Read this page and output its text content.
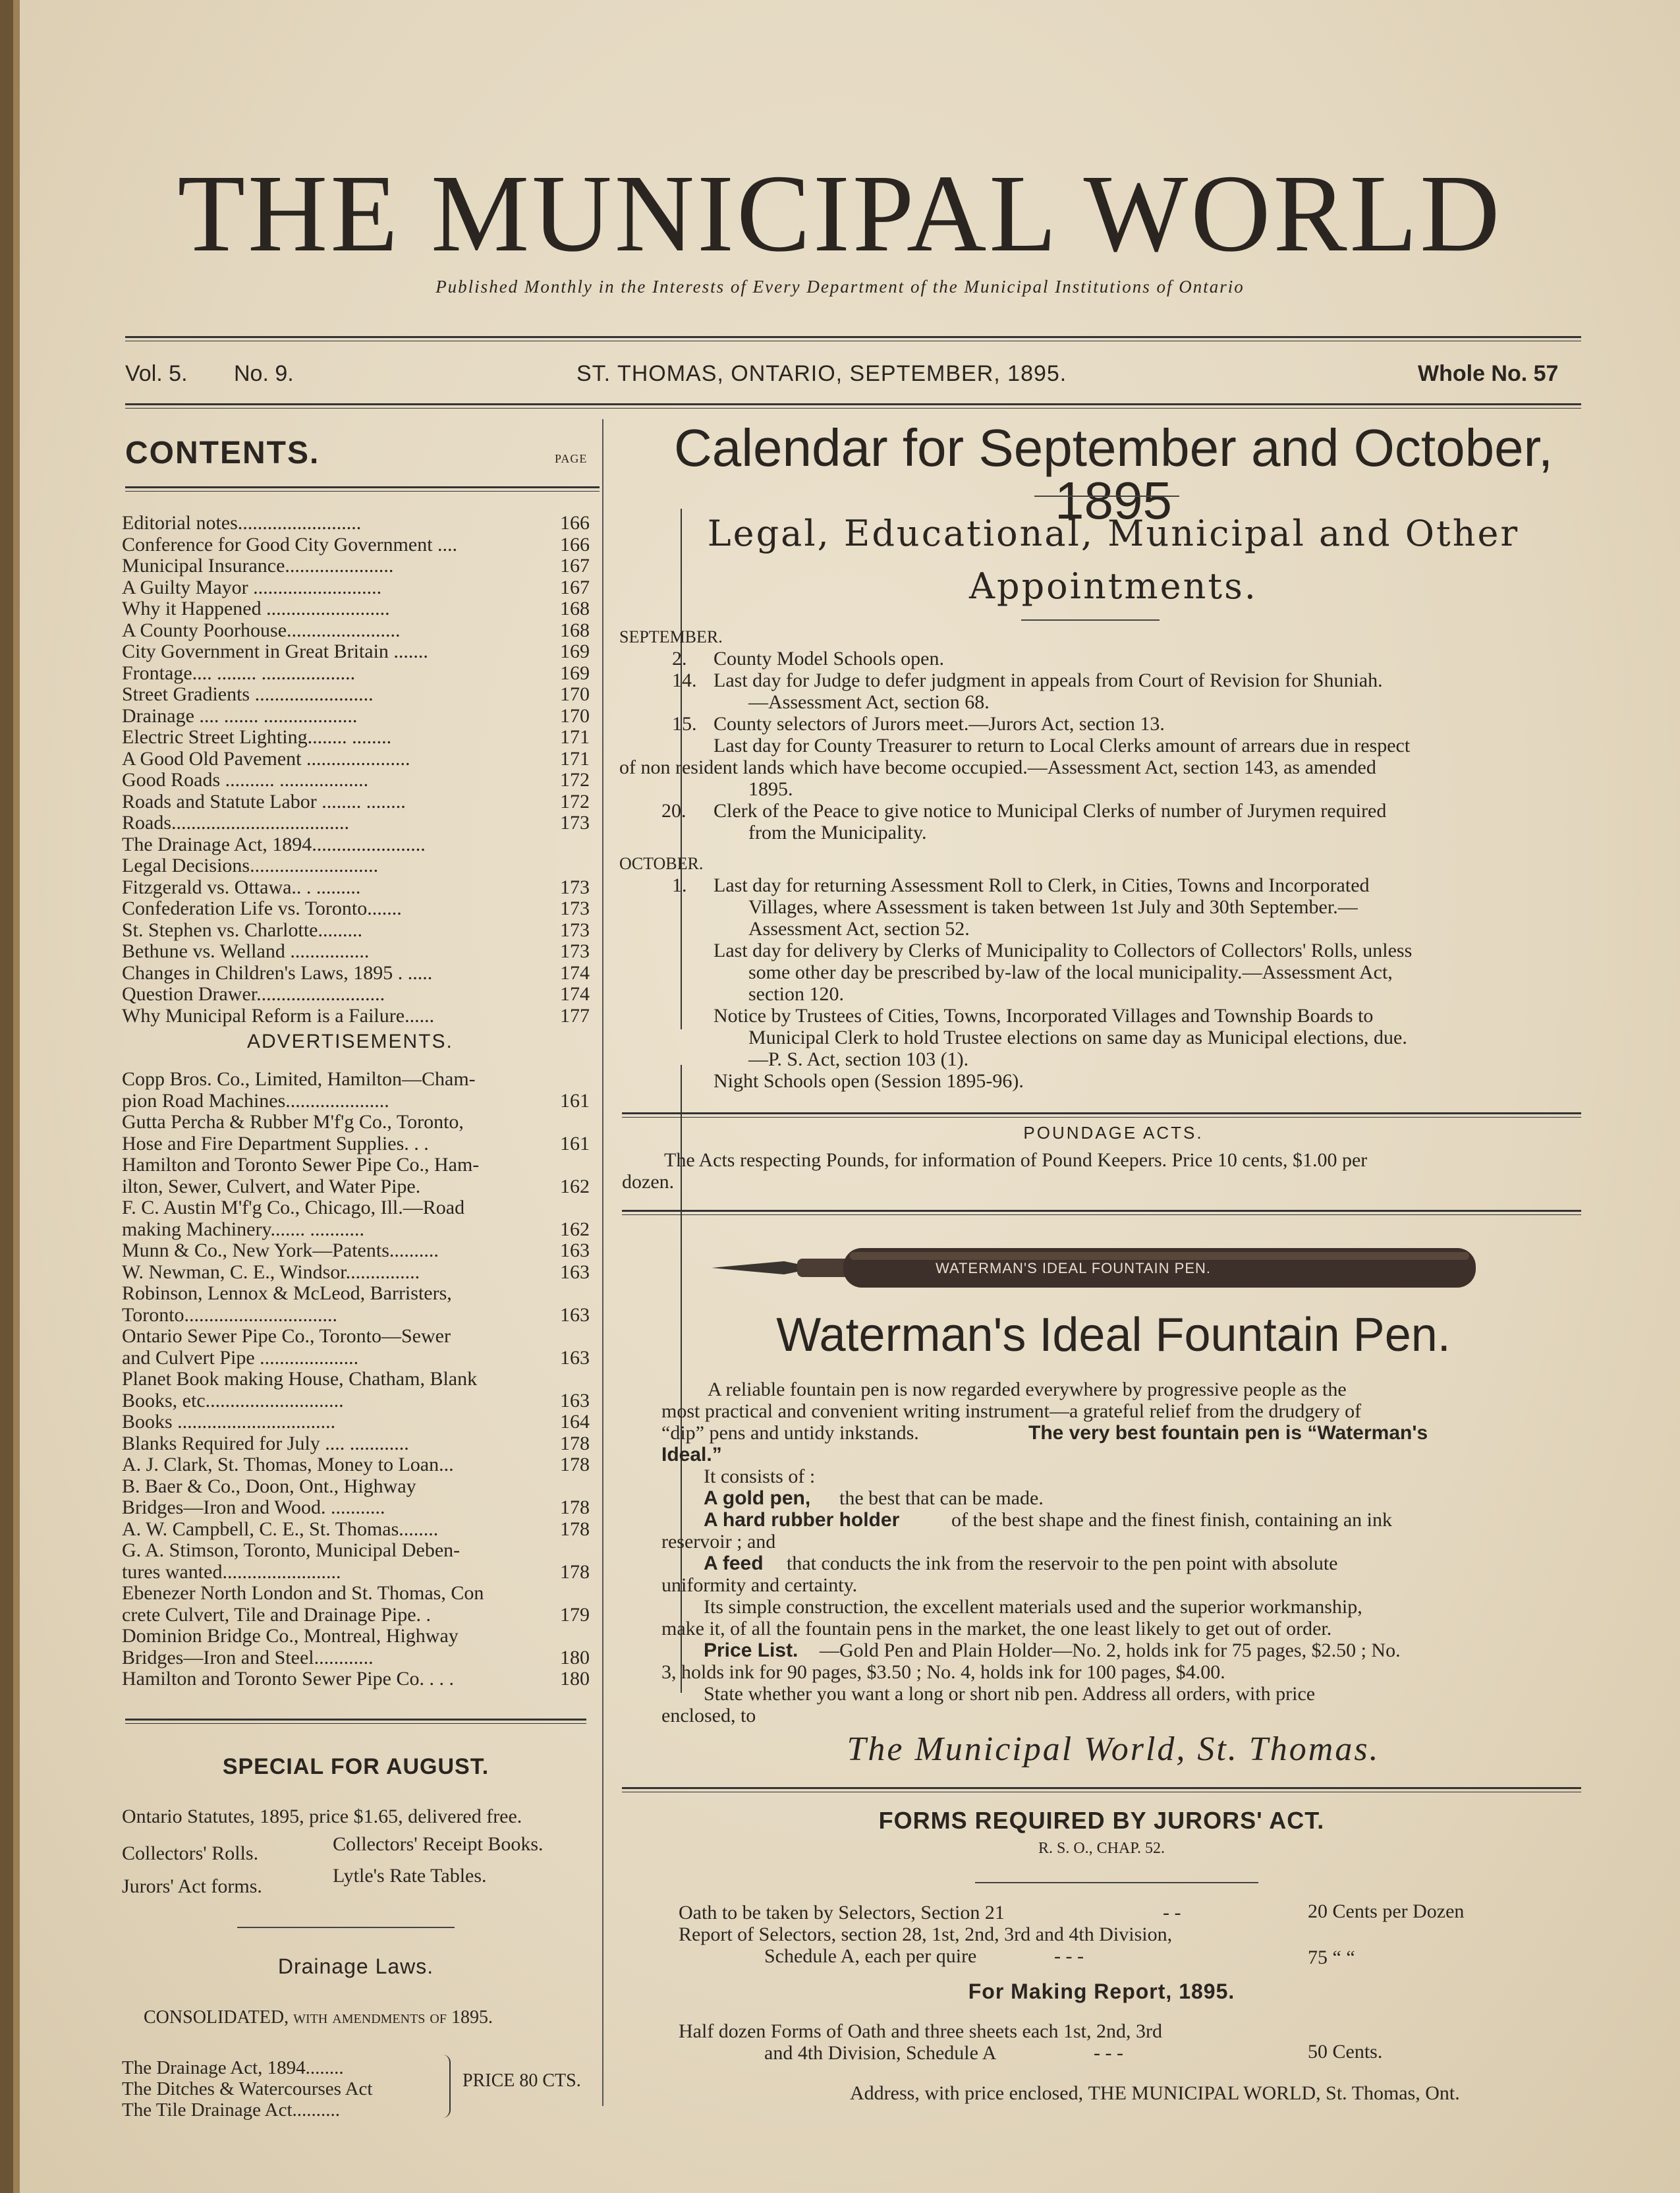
THE MUNICIPAL WORLD
Published Monthly in the Interests of Every Department of the Municipal Institutions of Ontario
Vol. 5. No. 9.	ST. THOMAS, ONTARIO, SEPTEMBER, 1895.	Whole No. 57
CONTENTS.	PAGE
Editorial notes.........................	166
Conference for Good City Government ....	166
Municipal Insurance......................	167
A Guilty Mayor ..........................	167
Why it Happened .........................	168
A County Poorhouse.......................	168
City Government in Great Britain .......	169
Frontage.... ........ ...................	169
Street Gradients ........................	170
Drainage .... ....... ...................	170
Electric Street Lighting........ ........	171
A Good Old Pavement .....................	171
Good Roads .......... ..................	172
Roads and Statute Labor ........ ........	172
Roads....................................	173
The Drainage Act, 1894.......................
Legal Decisions..........................
Fitzgerald vs. Ottawa.. . .........	173
Confederation Life vs. Toronto.......	173
St. Stephen vs. Charlotte.........	173
Bethune vs. Welland ................	173
Changes in Children's Laws, 1895 . .....	174
Question Drawer..........................	174
Why Municipal Reform is a Failure......	177
ADVERTISEMENTS.
Copp Bros. Co., Limited, Hamilton—Cham-
pion Road Machines.....................	161
Gutta Percha & Rubber M'f'g Co., Toronto,
Hose and Fire Department Supplies. . .	161
Hamilton and Toronto Sewer Pipe Co., Ham-
ilton, Sewer, Culvert, and Water Pipe.	162
F. C. Austin M'f'g Co., Chicago, Ill.—Road
making Machinery....... ...........	162
Munn & Co., New York—Patents..........	163
W. Newman, C. E., Windsor...............	163
Robinson, Lennox & McLeod, Barristers,
Toronto...............................	163
Ontario Sewer Pipe Co., Toronto—Sewer
and Culvert Pipe ....................	163
Planet Book making House, Chatham, Blank
Books, etc............................	163
Books ................................	164
Blanks Required for July .... ............	178
A. J. Clark, St. Thomas, Money to Loan...	178
B. Baer & Co., Doon, Ont., Highway
Bridges—Iron and Wood. ...........	178
A. W. Campbell, C. E., St. Thomas........	178
G. A. Stimson, Toronto, Municipal Deben-
tures wanted........................	178
Ebenezer North London and St. Thomas, Con
crete Culvert, Tile and Drainage Pipe. .	179
Dominion Bridge Co., Montreal, Highway
Bridges—Iron and Steel............	180
Hamilton and Toronto Sewer Pipe Co. . . .	180
SPECIAL FOR AUGUST.
Ontario Statutes, 1895, price $1.65, delivered free.
Collectors' Rolls.	Collectors' Receipt Books.
Jurors' Act forms.	Lytle's Rate Tables.
Drainage Laws.
CONSOLIDATED, with amendments of 1895.
The Drainage Act, 1894........
The Ditches & Watercourses Act
The Tile Drainage Act..........
PRICE 80 CTS.
Calendar for September and October, 1895
Legal, Educational, Municipal and Other
Appointments.
SEPTEMBER.
2. County Model Schools open.
14. Last day for Judge to defer judgment in appeals from Court of Revision for Shuniah.
—Assessment Act, section 68.
15. County selectors of Jurors meet.—Jurors Act, section 13.
Last day for County Treasurer to return to Local Clerks amount of arrears due in respect
of non resident lands which have become occupied.—Assessment Act, section 143, as amended
1895.
20. Clerk of the Peace to give notice to Municipal Clerks of number of Jurymen required
from the Municipality.
OCTOBER.
1. Last day for returning Assessment Roll to Clerk, in Cities, Towns and Incorporated
Villages, where Assessment is taken between 1st July and 30th September.—
Assessment Act, section 52.
Last day for delivery by Clerks of Municipality to Collectors of Collectors' Rolls, unless
some other day be prescribed by-law of the local municipality.—Assessment Act,
section 120.
Notice by Trustees of Cities, Towns, Incorporated Villages and Township Boards to
Municipal Clerk to hold Trustee elections on same day as Municipal elections, due.
—P. S. Act, section 103 (1).
Night Schools open (Session 1895-96).
POUNDAGE ACTS.
The Acts respecting Pounds, for information of Pound Keepers. Price 10 cents, $1.00 per
dozen.
WATERMAN'S IDEAL FOUNTAIN PEN.
Waterman's Ideal Fountain Pen.
A reliable fountain pen is now regarded everywhere by progressive people as the
most practical and convenient writing instrument—a grateful relief from the drudgery of
“dip” pens and untidy inkstands.	The very best fountain pen is “Waterman's
Ideal.”
It consists of :
A gold pen, the best that can be made.
A hard rubber holder	of the best shape and the finest finish, containing an ink
reservoir ; and
A feed that conducts the ink from the reservoir to the pen point with absolute
uniformity and certainty.
Its simple construction, the excellent materials used and the superior workmanship,
make it, of all the fountain pens in the market, the one least likely to get out of order.
Price List. —Gold Pen and Plain Holder—No. 2, holds ink for 75 pages, $2.50 ; No.
3, holds ink for 90 pages, $3.50 ; No. 4, holds ink for 100 pages, $4.00.
State whether you want a long or short nib pen. Address all orders, with price
enclosed, to
The Municipal World, St. Thomas.
FORMS REQUIRED BY JURORS' ACT.
R. S. O., CHAP. 52.
Oath to be taken by Selectors, Section 21	- -	20 Cents per Dozen
Report of Selectors, section 28, 1st, 2nd, 3rd and 4th Division,
Schedule A, each per quire	- - -	75 “ “
For Making Report, 1895.
Half dozen Forms of Oath and three sheets each 1st, 2nd, 3rd
and 4th Division, Schedule A	- - -	50 Cents.
Address, with price enclosed, THE MUNICIPAL WORLD, St. Thomas, Ont.
